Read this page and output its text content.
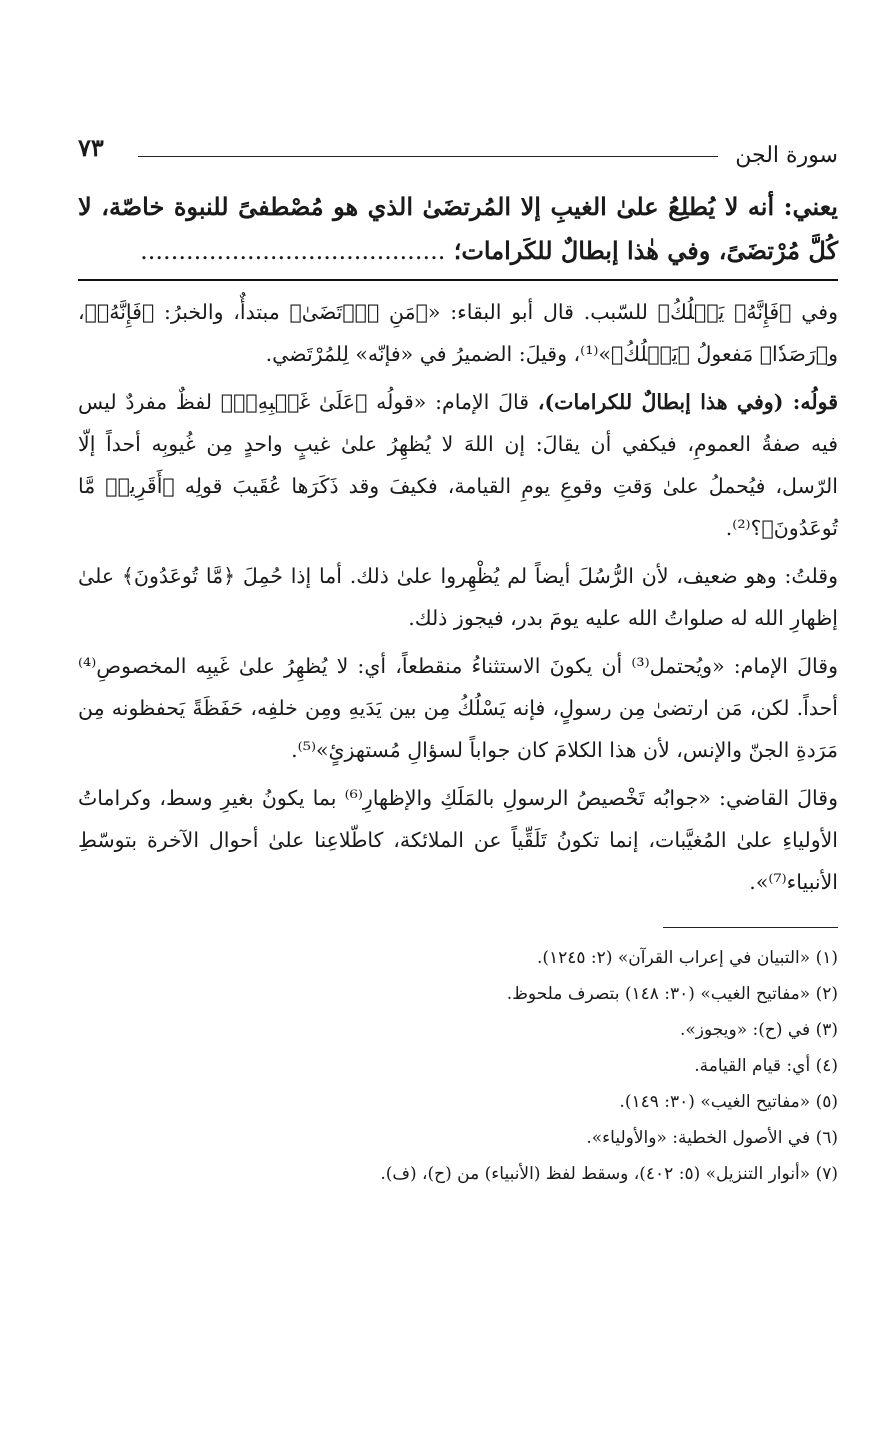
سورة الجن
٧٣
يعني: أنه لا يُطلِعُ علىٰ الغيبِ إلا المُرتضَىٰ الذي هو مُصْطفىً للنبوة خاصّة، لا كُلَّ مُرْتضَىً، وفي هٰذا إبطالٌ للكَرامات؛ ........................................

وفي ﴿فَإِنَّهُۥ يَسۡلُكُ﴾ للسّبب. قال أبو البقاء: «﴿مَنِ ٱرۡتَضَىٰ﴾ مبتدأٌ، والخبرُ: ﴿فَإِنَّهُۥ﴾، و﴿رَصَدٗا﴾ مَفعولُ ﴿يَسۡلُكُ﴾»⁽¹⁾، وقيلَ: الضميرُ في «فإنّه» لِلمُرْتَضي.

قولُه: (وفي هذا إبطالٌ للكرامات)، قالَ الإمام: «قولُه ﴿عَلَىٰ غَيۡبِهِۦٓ﴾ لفظٌ مفردٌ ليس فيه صفةُ العمومِ، فيكفي أن يقالَ: إن اللهَ لا يُظهِرُ علىٰ غيبٍ واحدٍ مِن غُيوبِه أحداً إلّا الرّسل، فيُحملُ علىٰ وَقتِ وقوعِ يومِ القيامة، فكيفَ وقد ذَكَرَها عُقَيبَ قولِه ﴿أَقَرِيبٞ مَّا تُوعَدُونَ﴾؟⁽²⁾.

وقلتُ: وهو ضعيف، لأن الرُّسُلَ أيضاً لم يُظْهِروا علىٰ ذلك. أما إذا حُمِلَ ﴿مَّا تُوعَدُونَ﴾ علىٰ إظهارِ الله له صلواتُ الله عليه يومَ بدر، فيجوز ذلك.

وقالَ الإمام: «ويُحتمل⁽³⁾ أن يكونَ الاستثناءُ منقطعاً، أي: لا يُظهِرُ علىٰ غَيبِه المخصوصِ⁽⁴⁾ أحداً. لكن، مَن ارتضىٰ مِن رسولٍ، فإنه يَسْلُكُ مِن بين يَدَيهِ ومِن خلفِه، حَفَظَةً يَحفظونه مِن مَرَدةِ الجنّ والإنس، لأن هذا الكلامَ كان جواباً لسؤالِ مُستهزئٍ»⁽⁵⁾.

وقالَ القاضي: «جوابُه تَخْصيصُ الرسولِ بالمَلَكِ والإظهارِ⁽⁶⁾ بما يكونُ بغيرِ وسط، وكراماتُ الأولياءِ علىٰ المُغيَّبات، إنما تكونُ تَلَقِّياً عن الملائكة، كاطّلاعِنا علىٰ أحوال الآخرة بتوسّطِ الأنبياء⁽⁷⁾».

(١) «التبيان في إعراب القرآن» (٢: ١٢٤٥).
(٢) «مفاتيح الغيب» (٣٠: ١٤٨) بتصرف ملحوظ.
(٣) في (ح): «ويجوز».
(٤) أي: قيام القيامة.
(٥) «مفاتيح الغيب» (٣٠: ١٤٩).
(٦) في الأصول الخطية: «والأولياء».
(٧) «أنوار التنزيل» (٥: ٤٠٢)، وسقط لفظ (الأنبياء) من (ح)، (ف).
